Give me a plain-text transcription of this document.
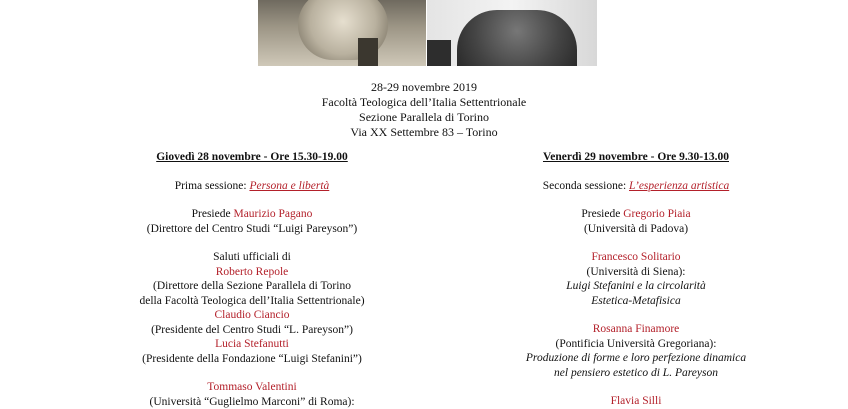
28-29 novembre 2019
Facoltà Teologica dell’Italia Settentrionale
Sezione Parallela di Torino
Via XX Settembre 83 – Torino
Giovedì 28 novembre - Ore 15.30-19.00
Prima sessione: Persona e libertà
Presiede Maurizio Pagano
(Direttore del Centro Studi “Luigi Pareyson”)
Saluti ufficiali di
Roberto Repole
(Direttore della Sezione Parallela di Torino
della Facoltà Teologica dell’Italia Settentrionale)
Claudio Ciancio
(Presidente del Centro Studi “L. Pareyson”)
Lucia Stefanutti
(Presidente della Fondazione “Luigi Stefanini”)
Tommaso Valentini
(Università “Guglielmo Marconi” di Roma):
Venerdì 29 novembre - Ore 9.30-13.00
Seconda sessione: L’esperienza artistica
Presiede Gregorio Piaia
(Università di Padova)
Francesco Solitario
(Università di Siena):
Luigi Stefanini e la circolarità
Estetica-Metafisica
Rosanna Finamore
(Pontificia Università Gregoriana):
Produzione di forme e loro perfezione dinamica
nel pensiero estetico di L. Pareyson
Flavia Silli
